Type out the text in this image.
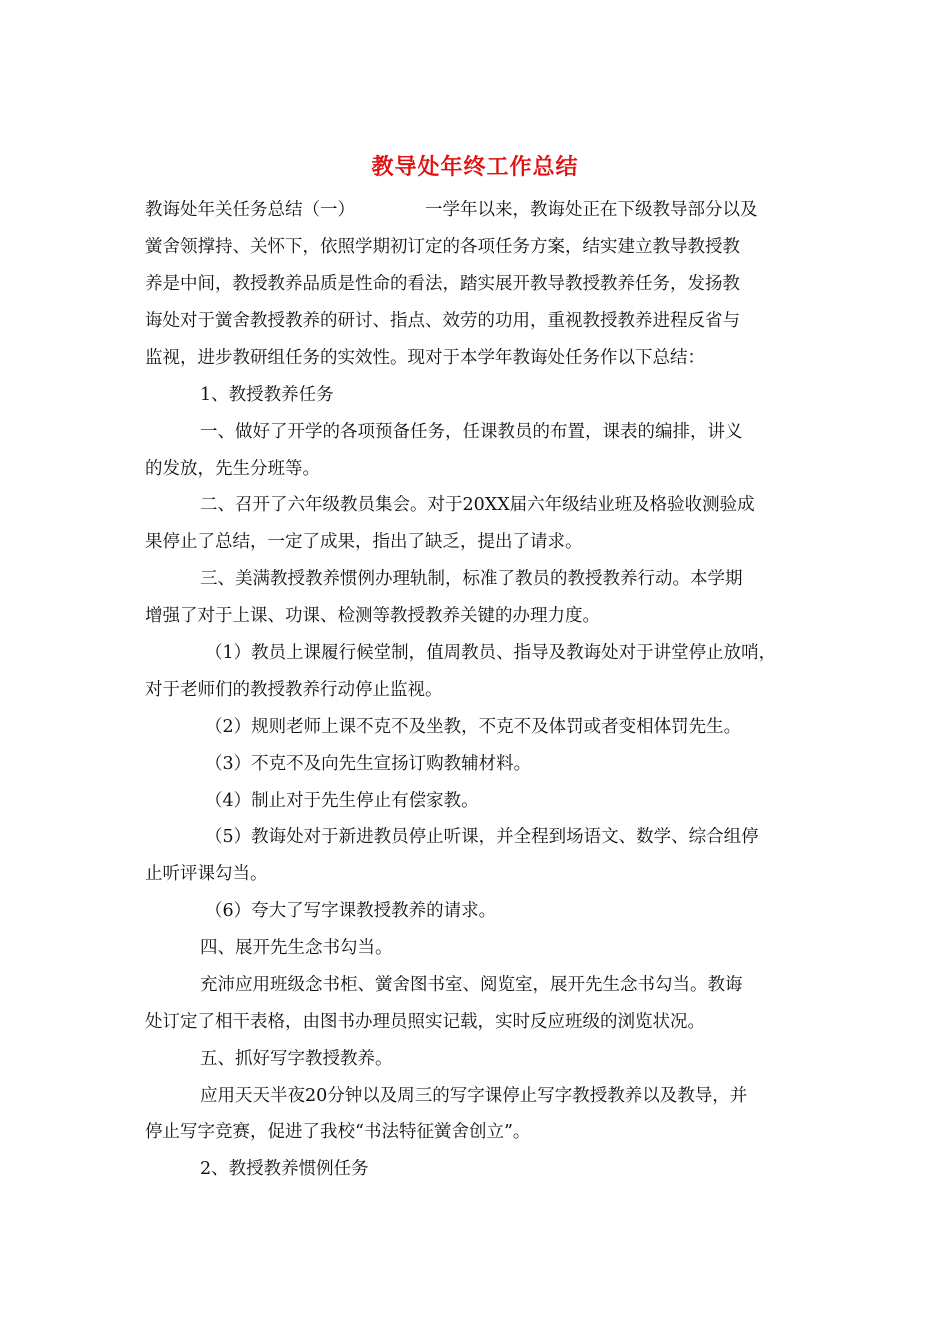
教导处年终工作总结
教诲处年关任务总结（一）	一学年以来，教诲处正在下级教导部分以及
黉舍领撑持、关怀下，依照学期初订定的各项任务方案，结实建立教导教授教
养是中间，教授教养品质是性命的看法，踏实展开教导教授教养任务，发扬教
诲处对于黉舍教授教养的研讨、指点、效劳的功用，重视教授教养进程反省与
监视，进步教研组任务的实效性。现对于本学年教诲处任务作以下总结：
1、教授教养任务
一、做好了开学的各项预备任务，任课教员的布置，课表的编排，讲义
的发放，先生分班等。
二、召开了六年级教员集会。对于20XX届六年级结业班及格验收测验成
果停止了总结，一定了成果，指出了缺乏，提出了请求。
三、美满教授教养惯例办理轨制，标准了教员的教授教养行动。本学期
增强了对于上课、功课、检测等教授教养关键的办理力度。
（1）教员上课履行候堂制，值周教员、指导及教诲处对于讲堂停止放哨，
对于老师们的教授教养行动停止监视。
（2）规则老师上课不克不及坐教，不克不及体罚或者变相体罚先生。
（3）不克不及向先生宣扬订购教辅材料。
（4）制止对于先生停止有偿家教。
（5）教诲处对于新进教员停止听课，并全程到场语文、数学、综合组停
止听评课勾当。
（6）夸大了写字课教授教养的请求。
四、展开先生念书勾当。
充沛应用班级念书柜、黉舍图书室、阅览室，展开先生念书勾当。教诲
处订定了相干表格，由图书办理员照实记载，实时反应班级的浏览状况。
五、抓好写字教授教养。
应用天天半夜20分钟以及周三的写字课停止写字教授教养以及教导，并
停止写字竞赛，促进了我校“书法特征黉舍创立”。
2、教授教养惯例任务
